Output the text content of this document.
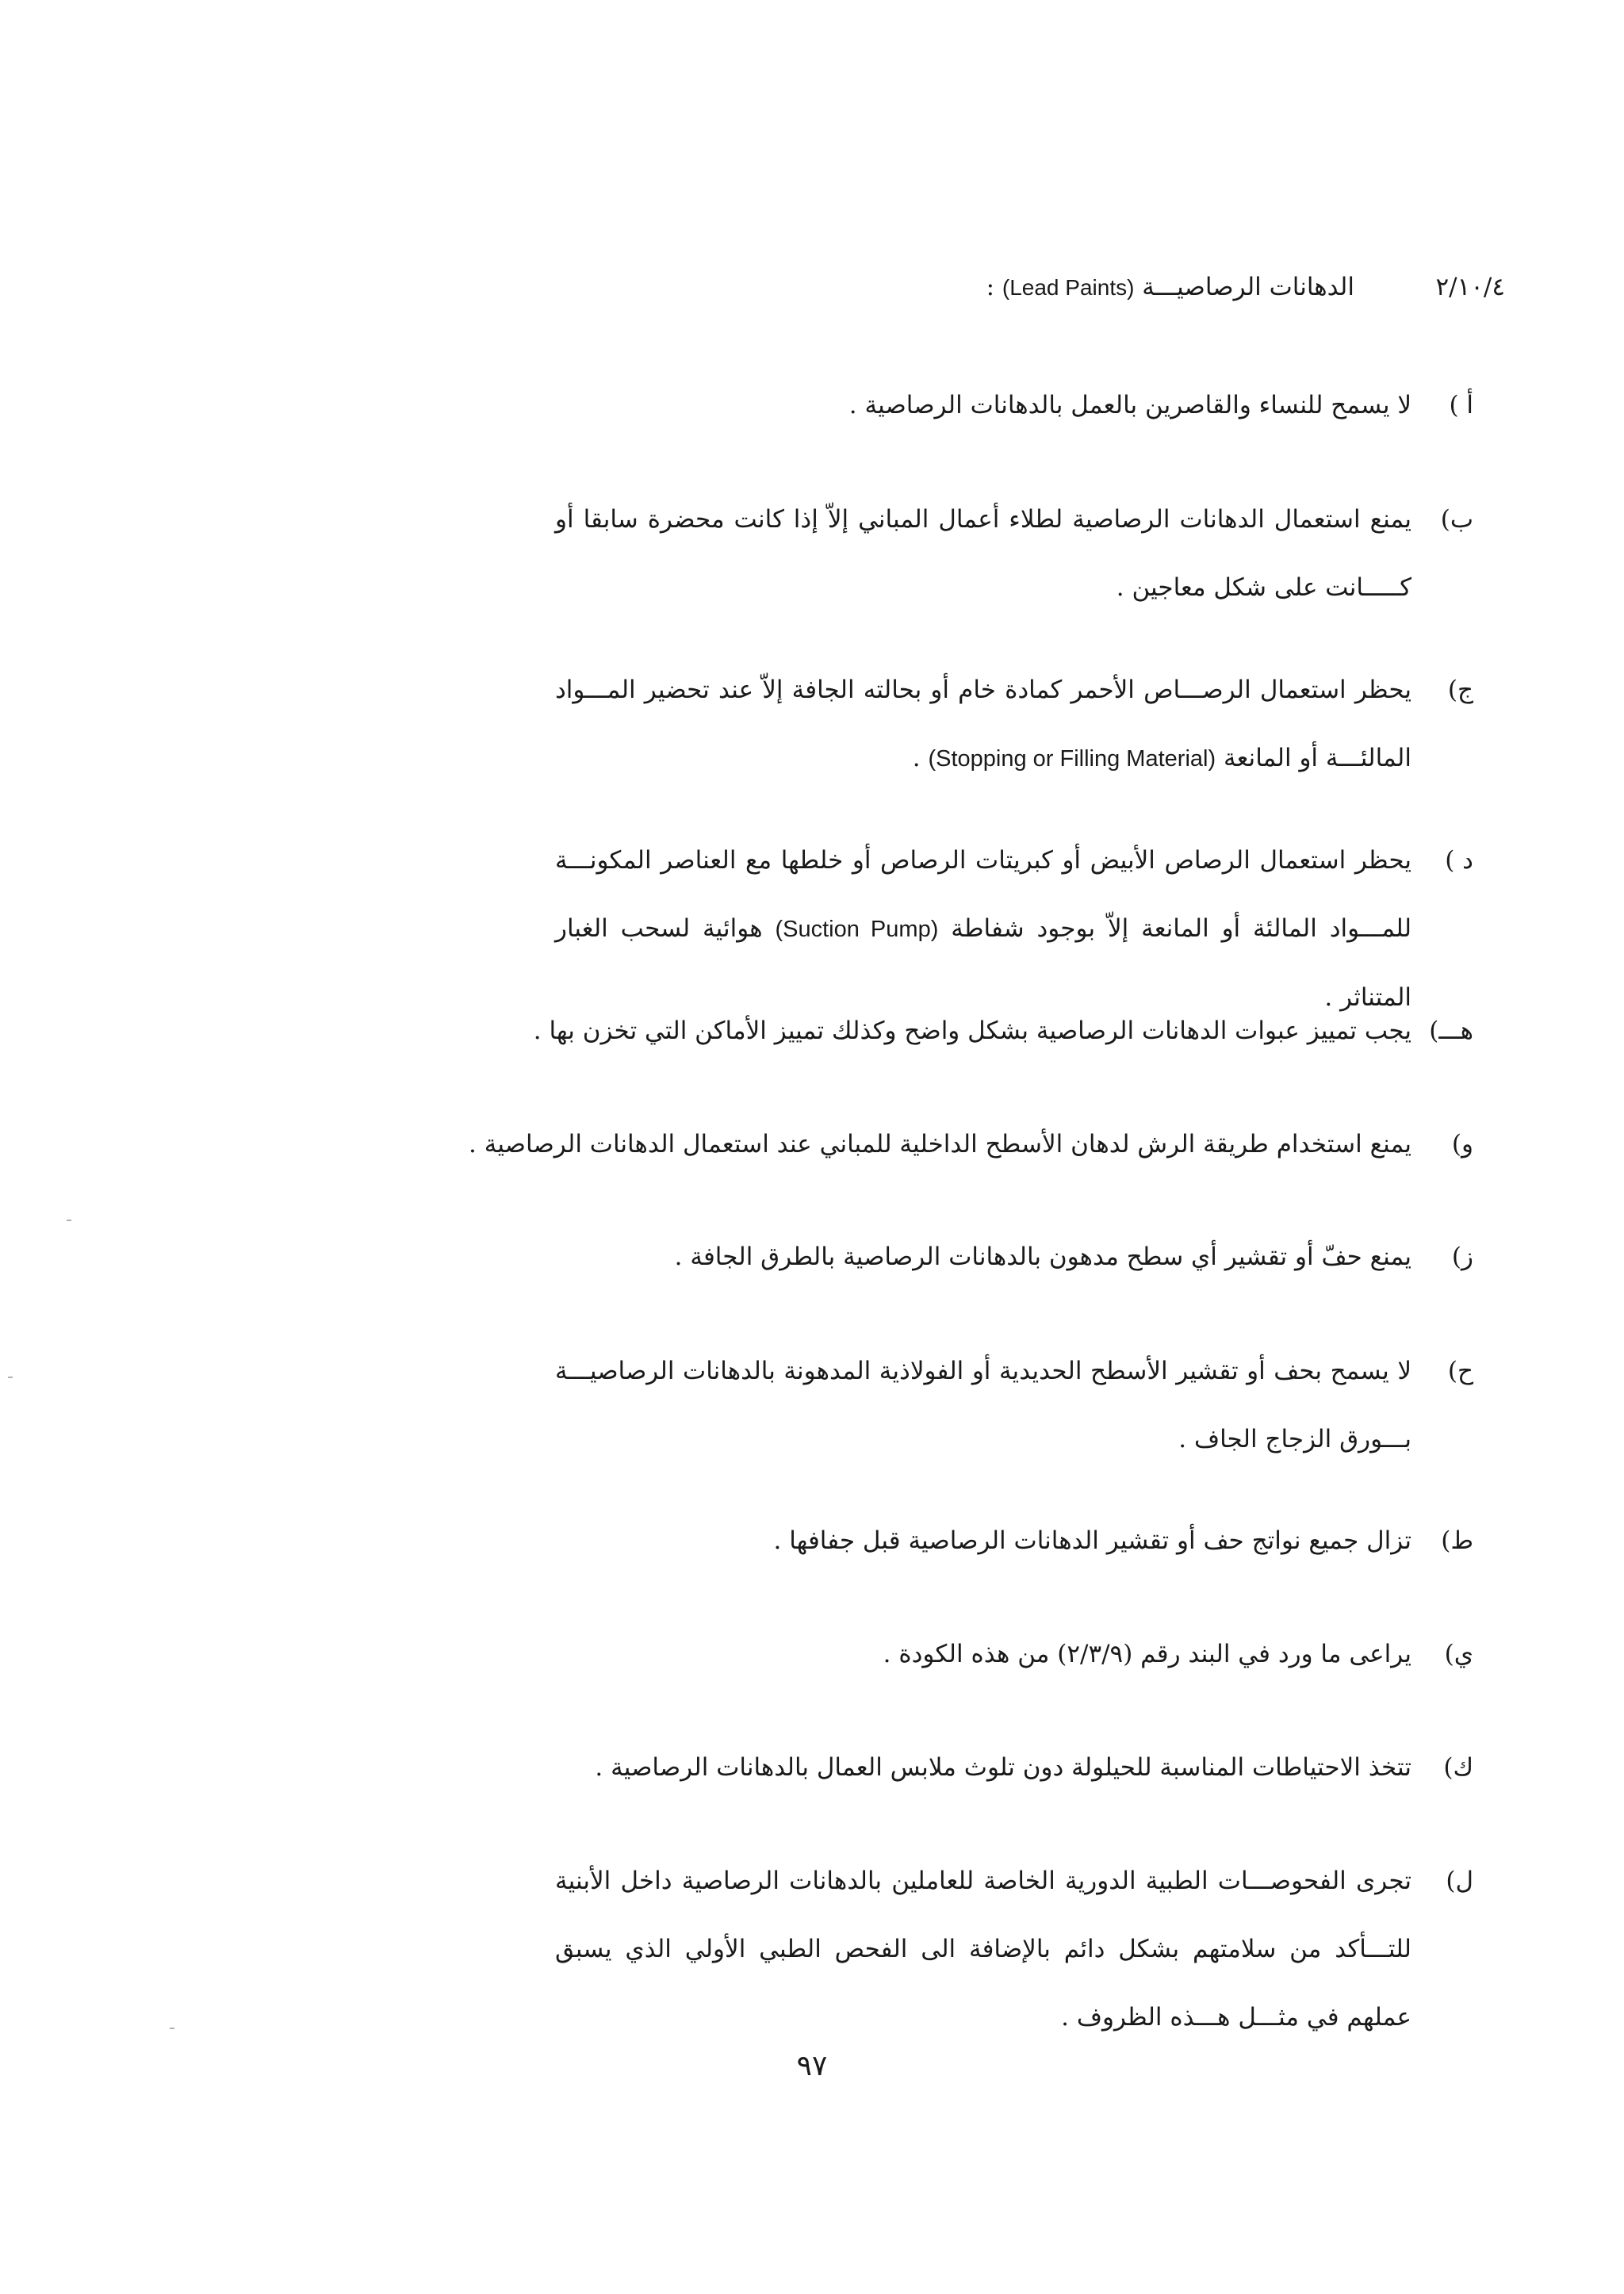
٢/١٠/٤
الدهانات الرصاصيـــة (Lead Paints) :
أ )
لا يسمح للنساء والقاصرين بالعمل بالدهانات الرصاصية .
ب)
يمنع استعمال الدهانات الرصاصية لطلاء أعمال المباني إلاّ إذا كانت محضرة سابقا أو كـــــانت على شكل معاجين .
ج)
يحظر استعمال الرصـــاص الأحمر كمادة خام أو بحالته الجافة إلاّ عند تحضير المـــواد المالئـــة أو المانعة (Stopping or Filling Material) .
د )
يحظر استعمال الرصاص الأبيض أو كبريتات الرصاص أو خلطها مع العناصر المكونـــة للمـــواد المالئة أو المانعة إلاّ بوجود شفاطة (Suction Pump) هوائية لسحب الغبار المتناثر .
هـــ)
يجب تمييز عبوات الدهانات الرصاصية بشكل واضح وكذلك تمييز الأماكن التي تخزن بها .
و)
يمنع استخدام طريقة الرش لدهان الأسطح الداخلية للمباني عند استعمال الدهانات الرصاصية .
ز)
يمنع حفّ أو تقشير أي سطح مدهون بالدهانات الرصاصية بالطرق الجافة .
ح)
لا يسمح بحف أو تقشير الأسطح الحديدية أو الفولاذية المدهونة بالدهانات الرصاصيـــة بـــورق الزجاج الجاف .
ط)
تزال جميع نواتج حف أو تقشير الدهانات الرصاصية قبل جفافها .
ي)
يراعى ما ورد في البند رقم (٢/٣/٩) من هذه الكودة .
ك)
تتخذ الاحتياطات المناسبة للحيلولة دون تلوث ملابس العمال بالدهانات الرصاصية .
ل)
تجرى الفحوصـــات الطبية الدورية الخاصة للعاملين بالدهانات الرصاصية داخل الأبنية للتـــأكد من سلامتهم بشكل دائم بالإضافة الى الفحص الطبي الأولي الذي يسبق عملهم في مثـــل هـــذه الظروف .
٩٧
